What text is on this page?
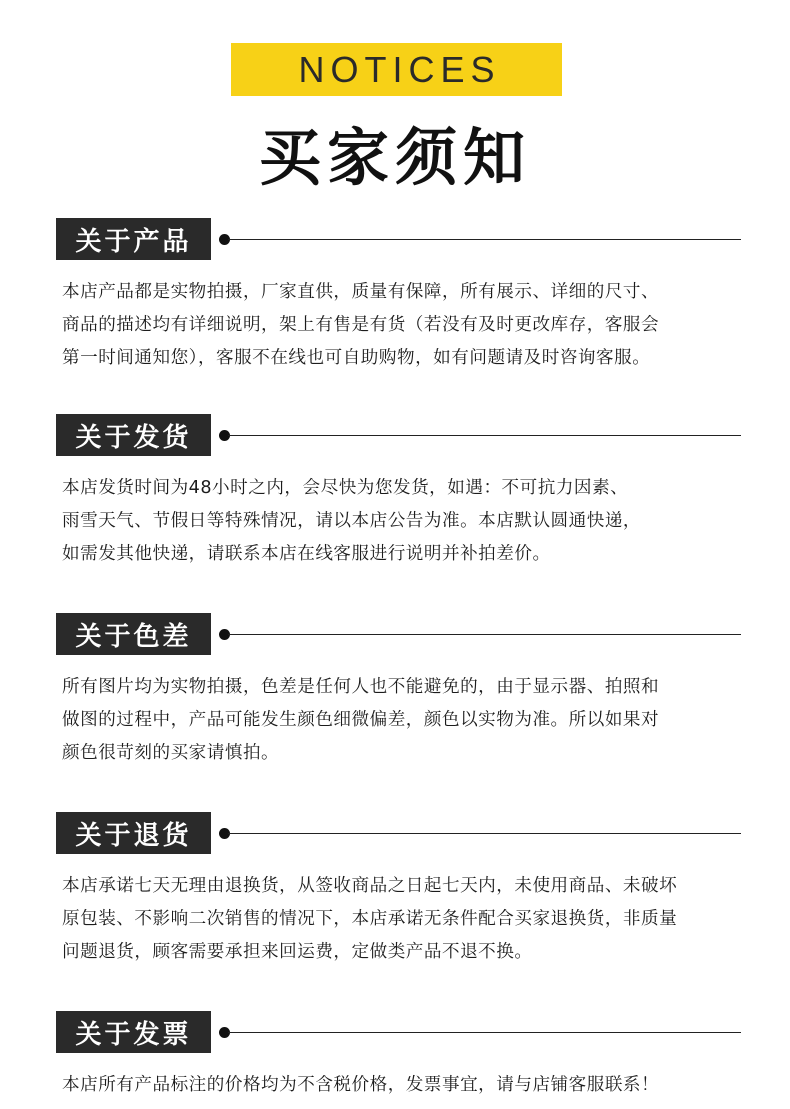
NOTICES
买家须知
关于产品
本店产品都是实物拍摄，厂家直供，质量有保障，所有展示、详细的尺寸、
商品的描述均有详细说明，架上有售是有货（若没有及时更改库存，客服会
第一时间通知您），客服不在线也可自助购物，如有问题请及时咨询客服。
关于发货
本店发货时间为48小时之内，会尽快为您发货，如遇：不可抗力因素、
雨雪天气、节假日等特殊情况，请以本店公告为准。本店默认圆通快递，
如需发其他快递，请联系本店在线客服进行说明并补拍差价。
关于色差
所有图片均为实物拍摄，色差是任何人也不能避免的，由于显示器、拍照和
做图的过程中，产品可能发生颜色细微偏差，颜色以实物为准。所以如果对
颜色很苛刻的买家请慎拍。
关于退货
本店承诺七天无理由退换货，从签收商品之日起七天内，未使用商品、未破坏
原包装、不影响二次销售的情况下，本店承诺无条件配合买家退换货，非质量
问题退货，顾客需要承担来回运费，定做类产品不退不换。
关于发票
本店所有产品标注的价格均为不含税价格，发票事宜，请与店铺客服联系！
